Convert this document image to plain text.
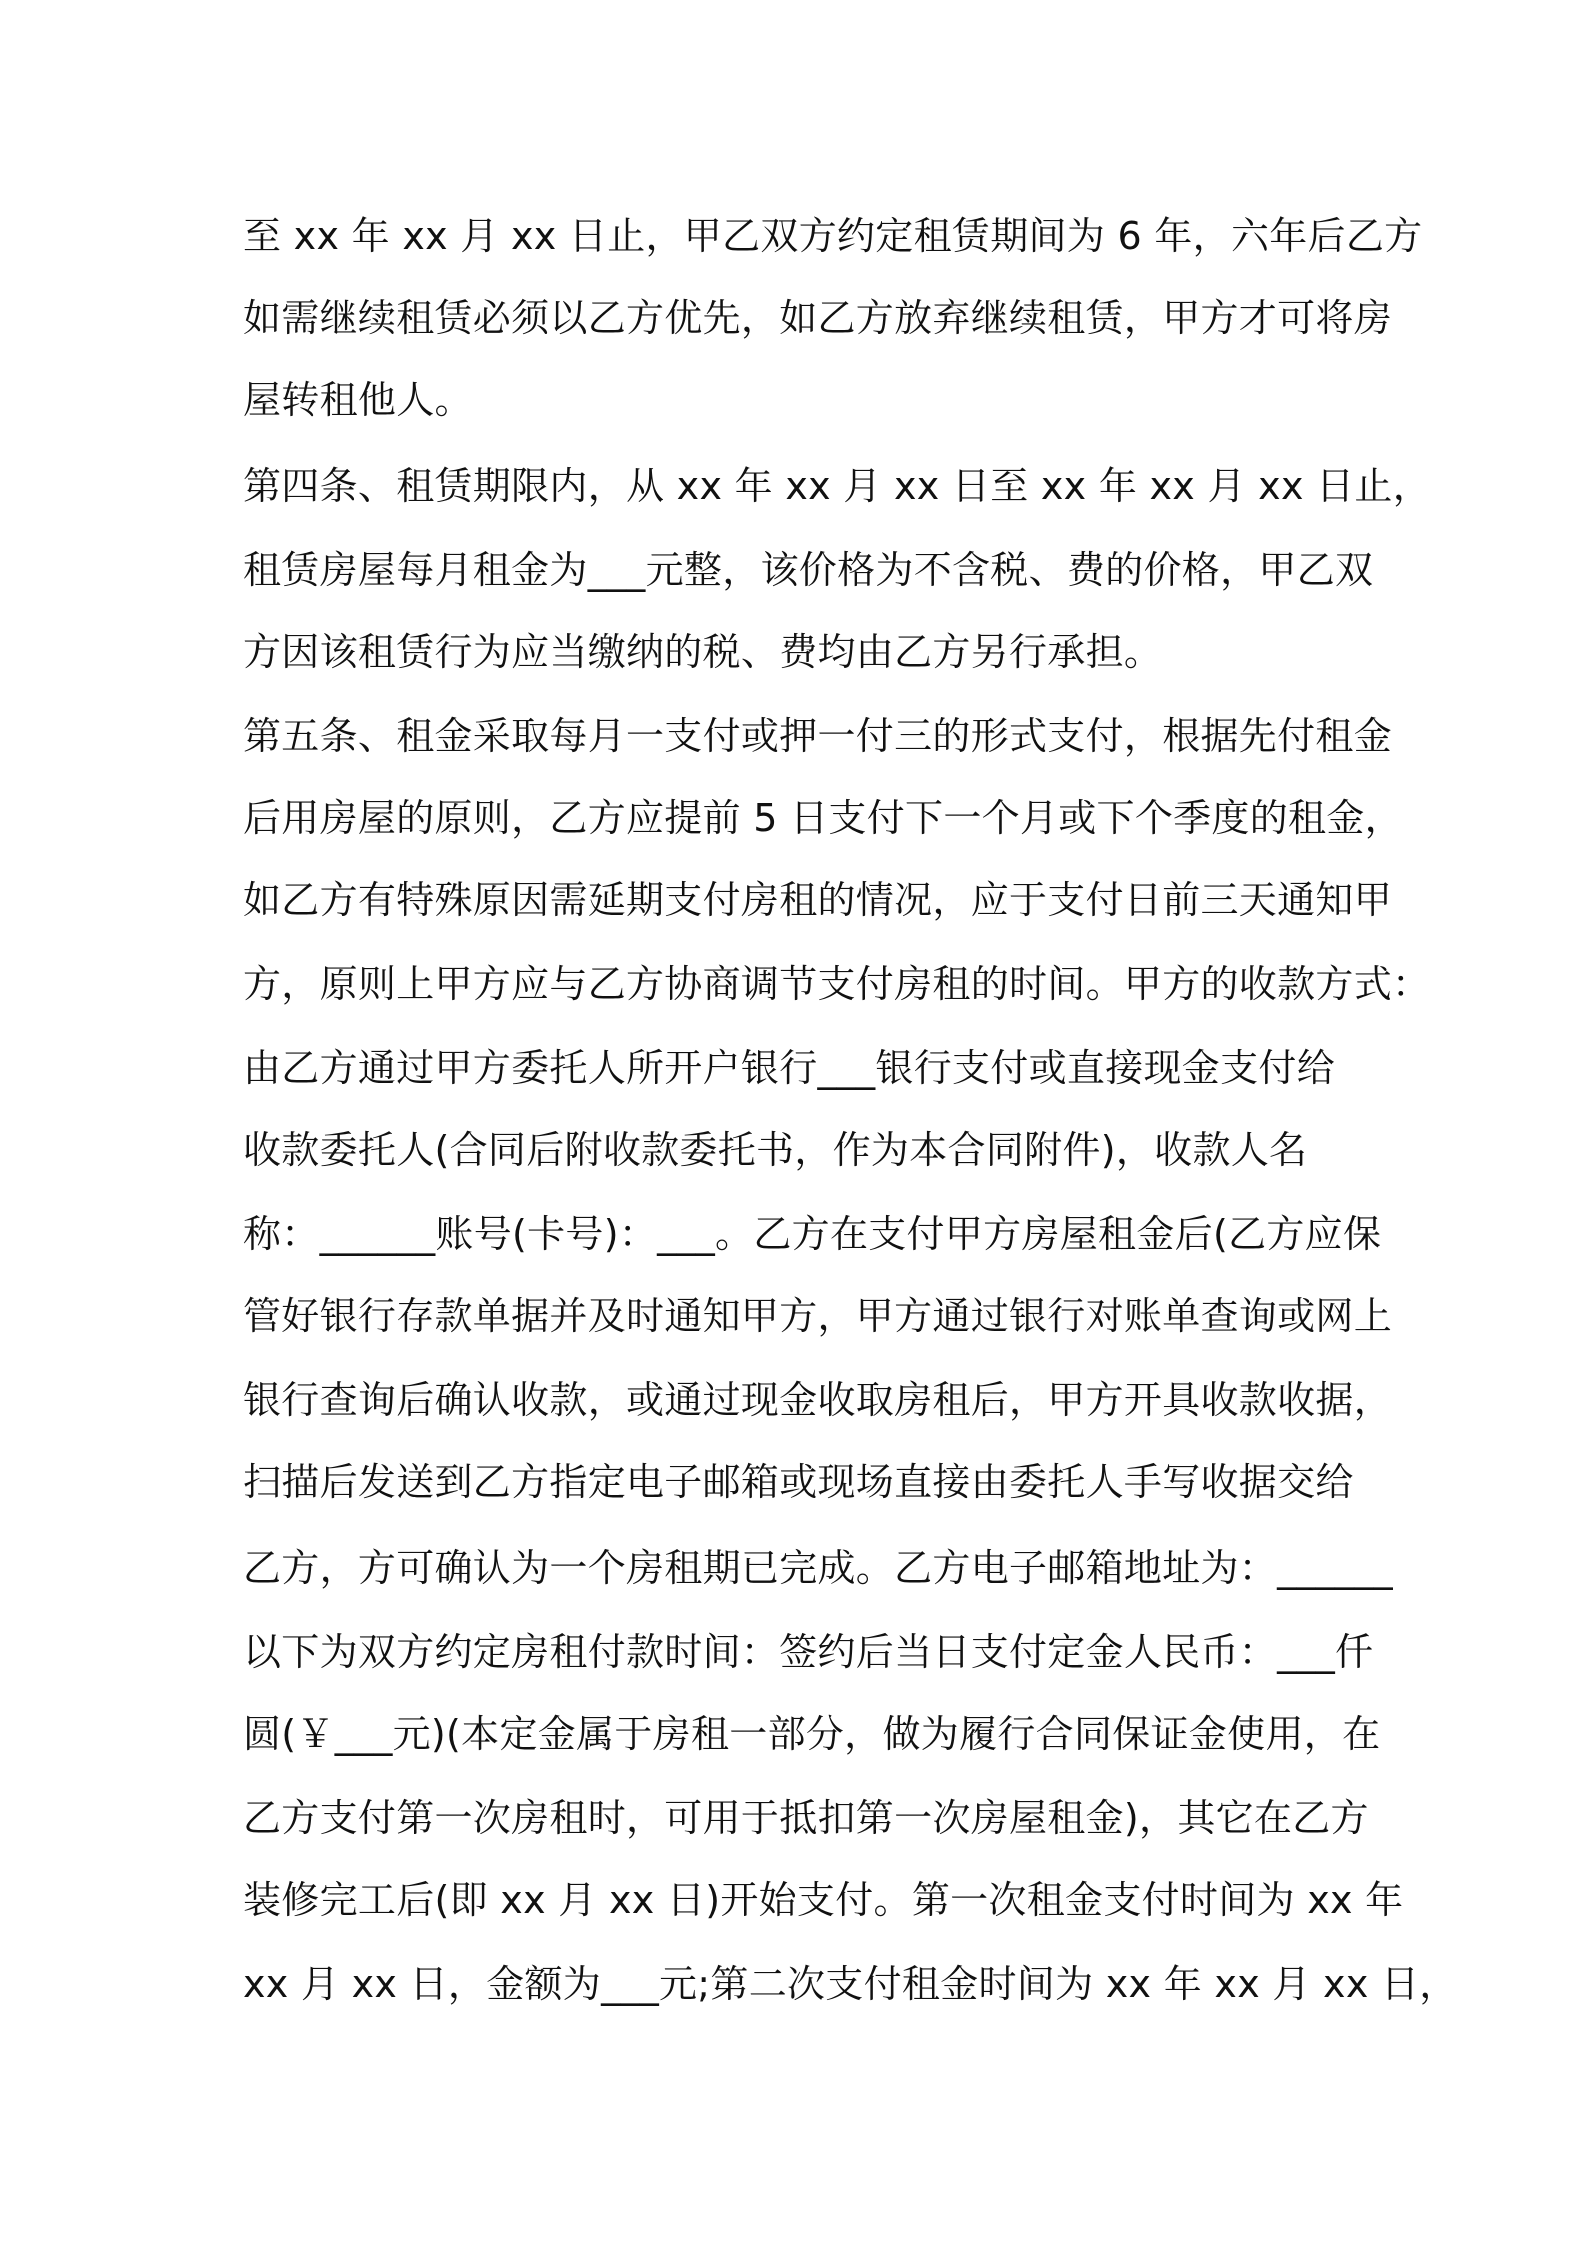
至 xx 年 xx 月 xx 日止，甲乙双方约定租赁期间为 6 年，六年后乙方
如需继续租赁必须以乙方优先，如乙方放弃继续租赁，甲方才可将房
屋转租他人。
第四条、租赁期限内，从 xx 年 xx 月 xx 日至 xx 年 xx 月 xx 日止，
租赁房屋每月租金为___元整，该价格为不含税、费的价格，甲乙双
方因该租赁行为应当缴纳的税、费均由乙方另行承担。
第五条、租金采取每月一支付或押一付三的形式支付，根据先付租金
后用房屋的原则，乙方应提前 5 日支付下一个月或下个季度的租金，
如乙方有特殊原因需延期支付房租的情况，应于支付日前三天通知甲
方，原则上甲方应与乙方协商调节支付房租的时间。甲方的收款方式：
由乙方通过甲方委托人所开户银行___银行支付或直接现金支付给
收款委托人(合同后附收款委托书，作为本合同附件)，收款人名
称：______账号(卡号)：___。乙方在支付甲方房屋租金后(乙方应保
管好银行存款单据并及时通知甲方，甲方通过银行对账单查询或网上
银行查询后确认收款，或通过现金收取房租后，甲方开具收款收据，
扫描后发送到乙方指定电子邮箱或现场直接由委托人手写收据交给
乙方，方可确认为一个房租期已完成。乙方电子邮箱地址为：______
以下为双方约定房租付款时间：签约后当日支付定金人民币：___仟
圆(￥___元)(本定金属于房租一部分，做为履行合同保证金使用，在
乙方支付第一次房租时，可用于抵扣第一次房屋租金)，其它在乙方
装修完工后(即 xx 月 xx 日)开始支付。第一次租金支付时间为 xx 年
xx 月 xx 日，金额为___元;第二次支付租金时间为 xx 年 xx 月 xx 日，
